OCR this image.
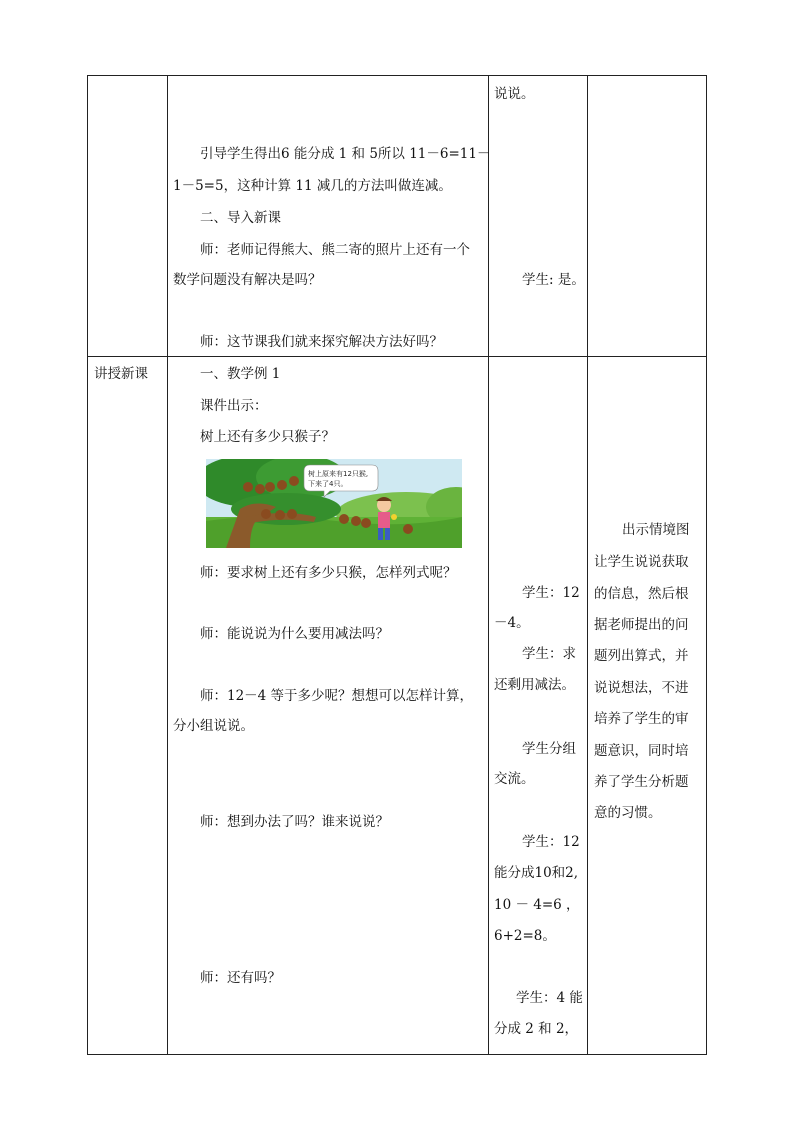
引导学生得出6 能分成 1 和 5所以 11－6=11－
1－5=5，这种计算 11 减几的方法叫做连减。
二、导入新课
师：老师记得熊大、熊二寄的照片上还有一个
数学问题没有解决是吗？
师：这节课我们就来探究解决方法好吗？
说说。
学生: 是。
讲授新课	一、教学例 1
课件出示：
树上还有多少只猴子？
树上原来有12只猴,
下来了4只。
师：要求树上还有多少只猴，怎样列式呢？
师：能说说为什么要用减法吗？
师：12－4 等于多少呢？想想可以怎样计算，
分小组说说。
师：想到办法了吗？谁来说说？
师：还有吗？
学生：12
－4。
学生：求
还剩用减法。
学生分组
交流。
学生：12
能分成10和2,
10 － 4=6 ，
6+2=8。
学生：4 能
分成 2 和 2，
出示情境图
让学生说说获取
的信息，然后根
据老师提出的问
题列出算式，并
说说想法，不进
培养了学生的审
题意识，同时培
养了学生分析题
意的习惯。
